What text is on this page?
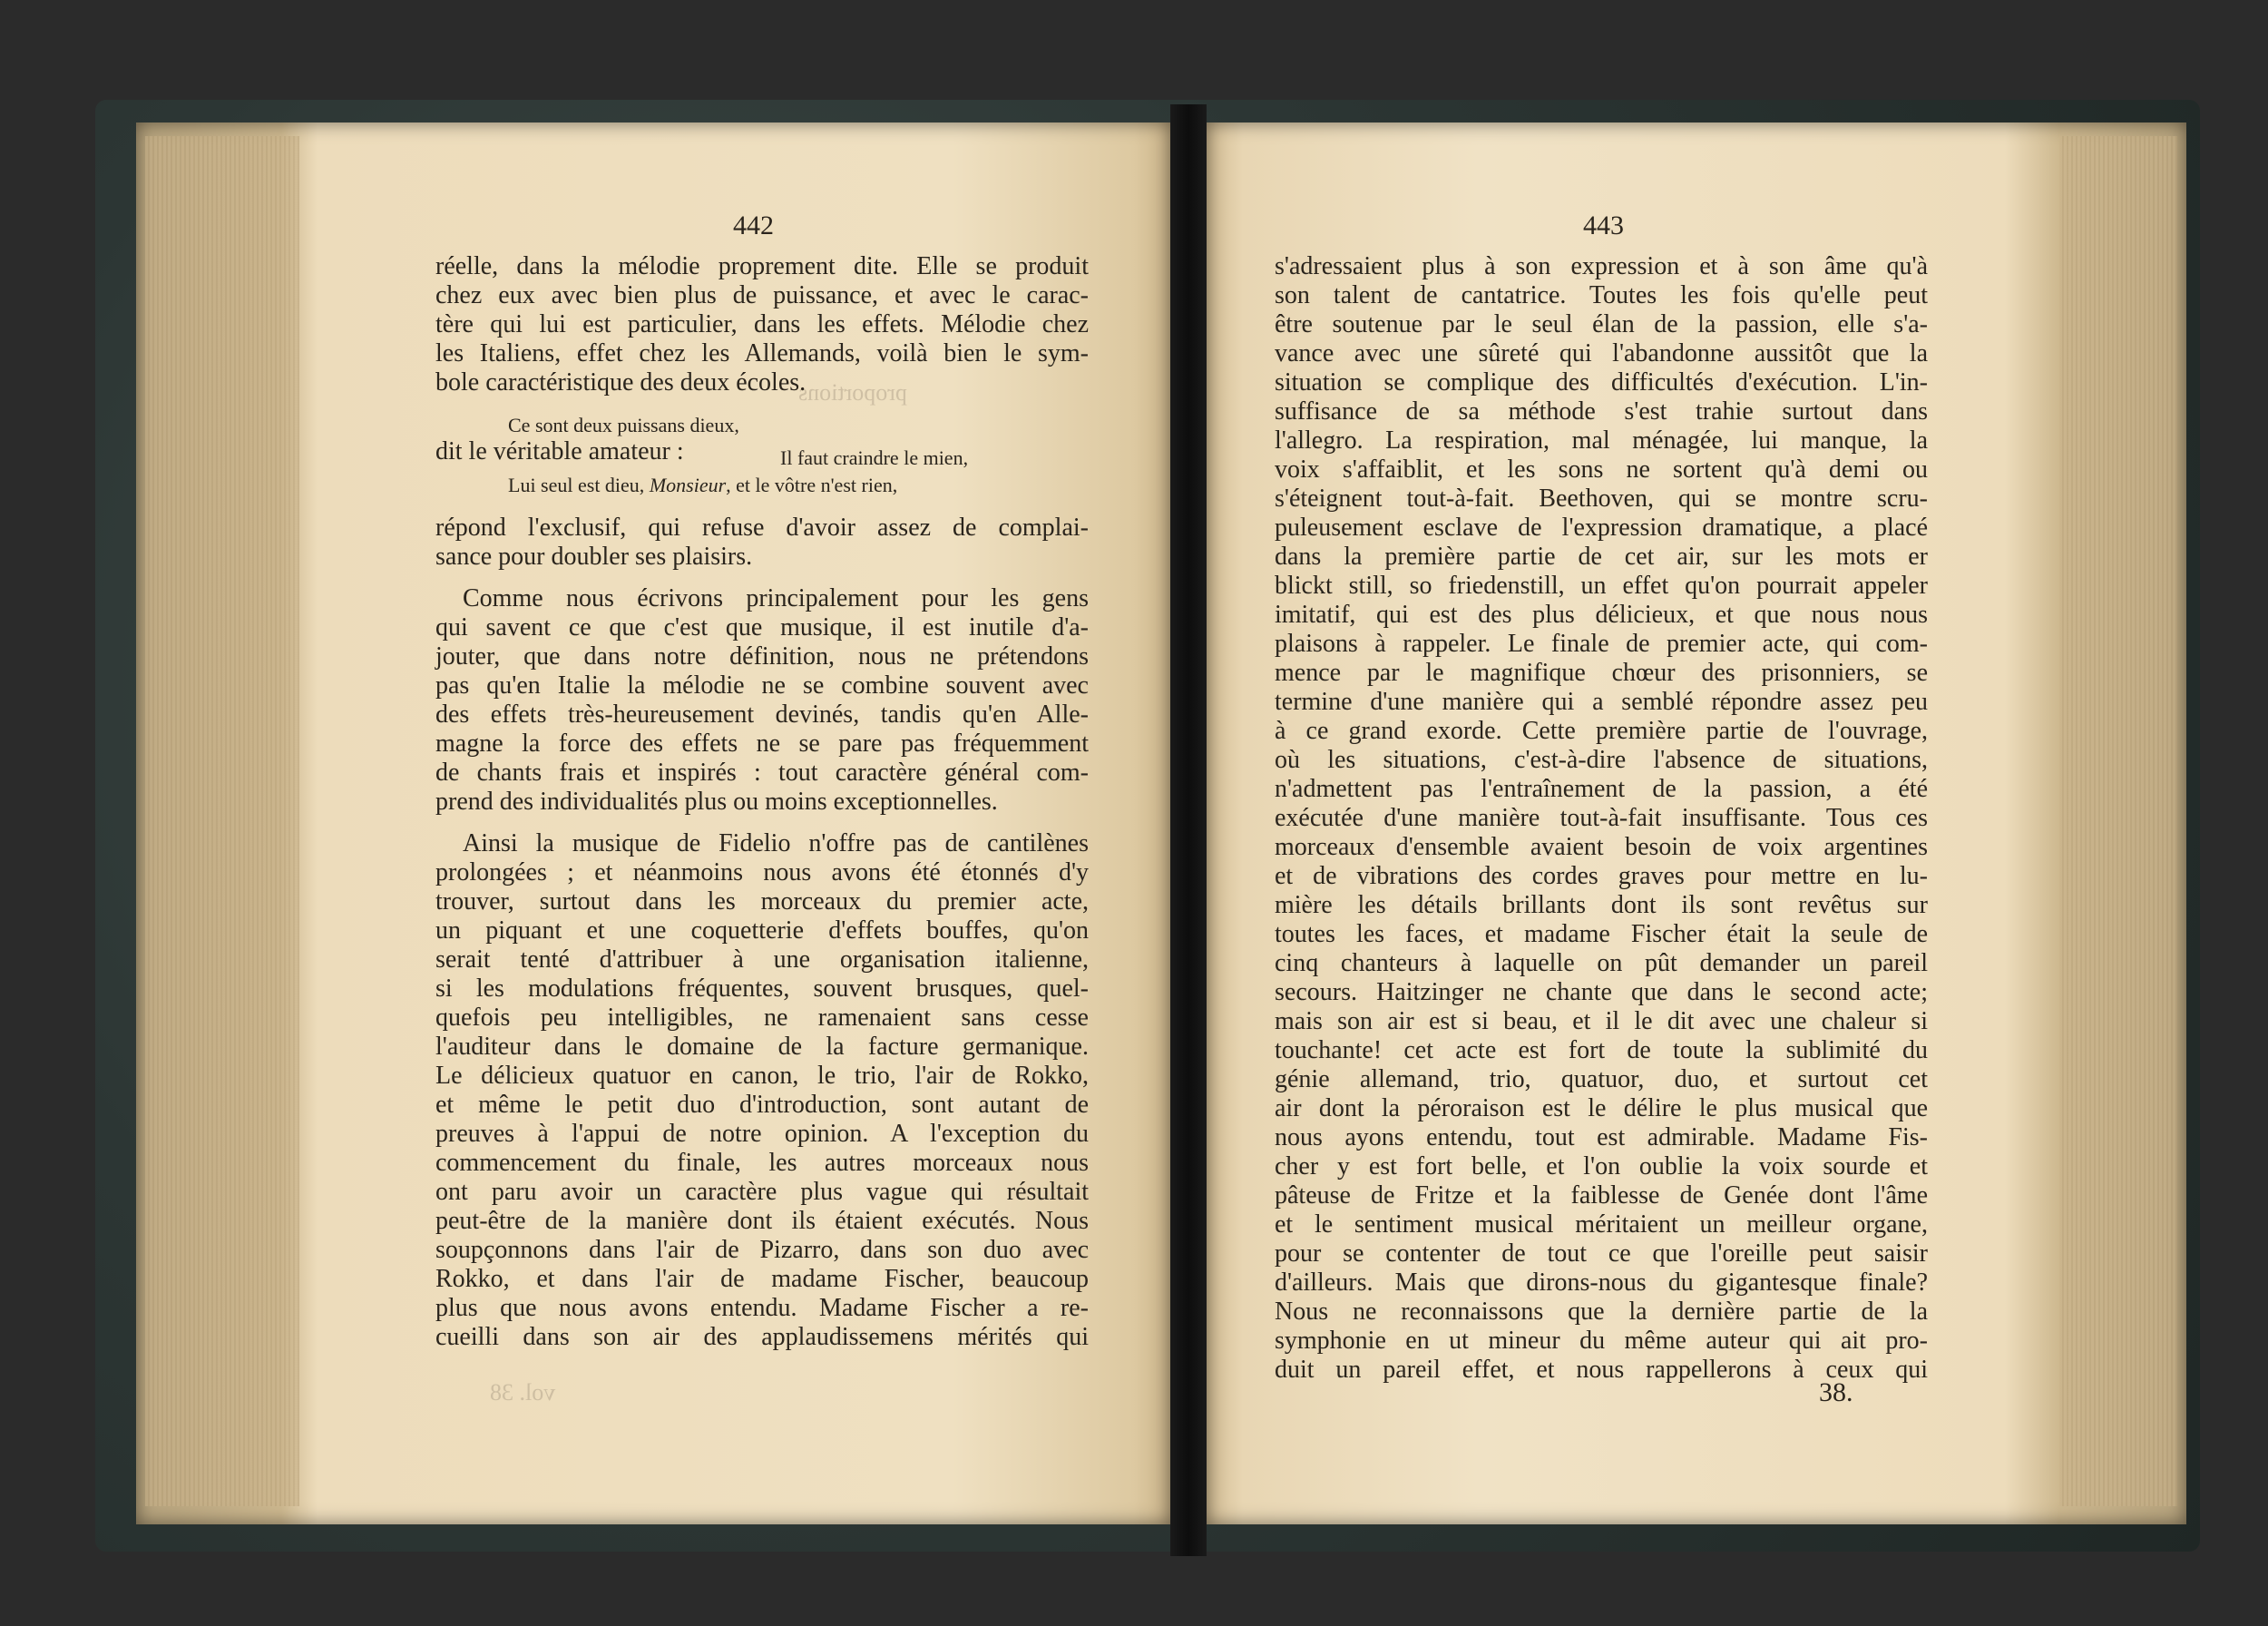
proportions
vol. 38
442
réelle, dans la mélodie proprement dite. Elle se produit
chez eux avec bien plus de puissance, et avec le carac-
tère qui lui est particulier, dans les effets. Mélodie chez
les Italiens, effet chez les Allemands, voilà bien le sym-
bole caractéristique des deux écoles.
Ce sont deux puissans dieux,
dit le véritable amateur :	Il faut craindre le mien,
Lui seul est dieu, Monsieur, et le vôtre n'est rien,
répond l'exclusif, qui refuse d'avoir assez de complai-
sance pour doubler ses plaisirs.
Comme nous écrivons principalement pour les gens
qui savent ce que c'est que musique, il est inutile d'a-
jouter, que dans notre définition, nous ne prétendons
pas qu'en Italie la mélodie ne se combine souvent avec
des effets très-heureusement devinés, tandis qu'en Alle-
magne la force des effets ne se pare pas fréquemment
de chants frais et inspirés : tout caractère général com-
prend des individualités plus ou moins exceptionnelles.
Ainsi la musique de Fidelio n'offre pas de cantilènes
prolongées ; et néanmoins nous avons été étonnés d'y
trouver, surtout dans les morceaux du premier acte,
un piquant et une coquetterie d'effets bouffes, qu'on
serait tenté d'attribuer à une organisation italienne,
si les modulations fréquentes, souvent brusques, quel-
quefois peu intelligibles, ne ramenaient sans cesse
l'auditeur dans le domaine de la facture germanique.
Le délicieux quatuor en canon, le trio, l'air de Rokko,
et même le petit duo d'introduction, sont autant de
preuves à l'appui de notre opinion. A l'exception du
commencement du finale, les autres morceaux nous
ont paru avoir un caractère plus vague qui résultait
peut-être de la manière dont ils étaient exécutés. Nous
soupçonnons dans l'air de Pizarro, dans son duo avec
Rokko, et dans l'air de madame Fischer, beaucoup
plus que nous avons entendu. Madame Fischer a re-
cueilli dans son air des applaudissemens mérités qui
443
s'adressaient plus à son expression et à son âme qu'à
son talent de cantatrice. Toutes les fois qu'elle peut
être soutenue par le seul élan de la passion, elle s'a-
vance avec une sûreté qui l'abandonne aussitôt que la
situation se complique des difficultés d'exécution. L'in-
suffisance de sa méthode s'est trahie surtout dans
l'allegro. La respiration, mal ménagée, lui manque, la
voix s'affaiblit, et les sons ne sortent qu'à demi ou
s'éteignent tout-à-fait. Beethoven, qui se montre scru-
puleusement esclave de l'expression dramatique, a placé
dans la première partie de cet air, sur les mots er
blickt still, so friedenstill, un effet qu'on pourrait appeler
imitatif, qui est des plus délicieux, et que nous nous
plaisons à rappeler. Le finale de premier acte, qui com-
mence par le magnifique chœur des prisonniers, se
termine d'une manière qui a semblé répondre assez peu
à ce grand exorde. Cette première partie de l'ouvrage,
où les situations, c'est-à-dire l'absence de situations,
n'admettent pas l'entraînement de la passion, a été
exécutée d'une manière tout-à-fait insuffisante. Tous ces
morceaux d'ensemble avaient besoin de voix argentines
et de vibrations des cordes graves pour mettre en lu-
mière les détails brillants dont ils sont revêtus sur
toutes les faces, et madame Fischer était la seule de
cinq chanteurs à laquelle on pût demander un pareil
secours. Haitzinger ne chante que dans le second acte;
mais son air est si beau, et il le dit avec une chaleur si
touchante! cet acte est fort de toute la sublimité du
génie allemand, trio, quatuor, duo, et surtout cet
air dont la péroraison est le délire le plus musical que
nous ayons entendu, tout est admirable. Madame Fis-
cher y est fort belle, et l'on oublie la voix sourde et
pâteuse de Fritze et la faiblesse de Genée dont l'âme
et le sentiment musical méritaient un meilleur organe,
pour se contenter de tout ce que l'oreille peut saisir
d'ailleurs. Mais que dirons-nous du gigantesque finale?
Nous ne reconnaissons que la dernière partie de la
symphonie en ut mineur du même auteur qui ait pro-
duit un pareil effet, et nous rappellerons à ceux qui
38.
